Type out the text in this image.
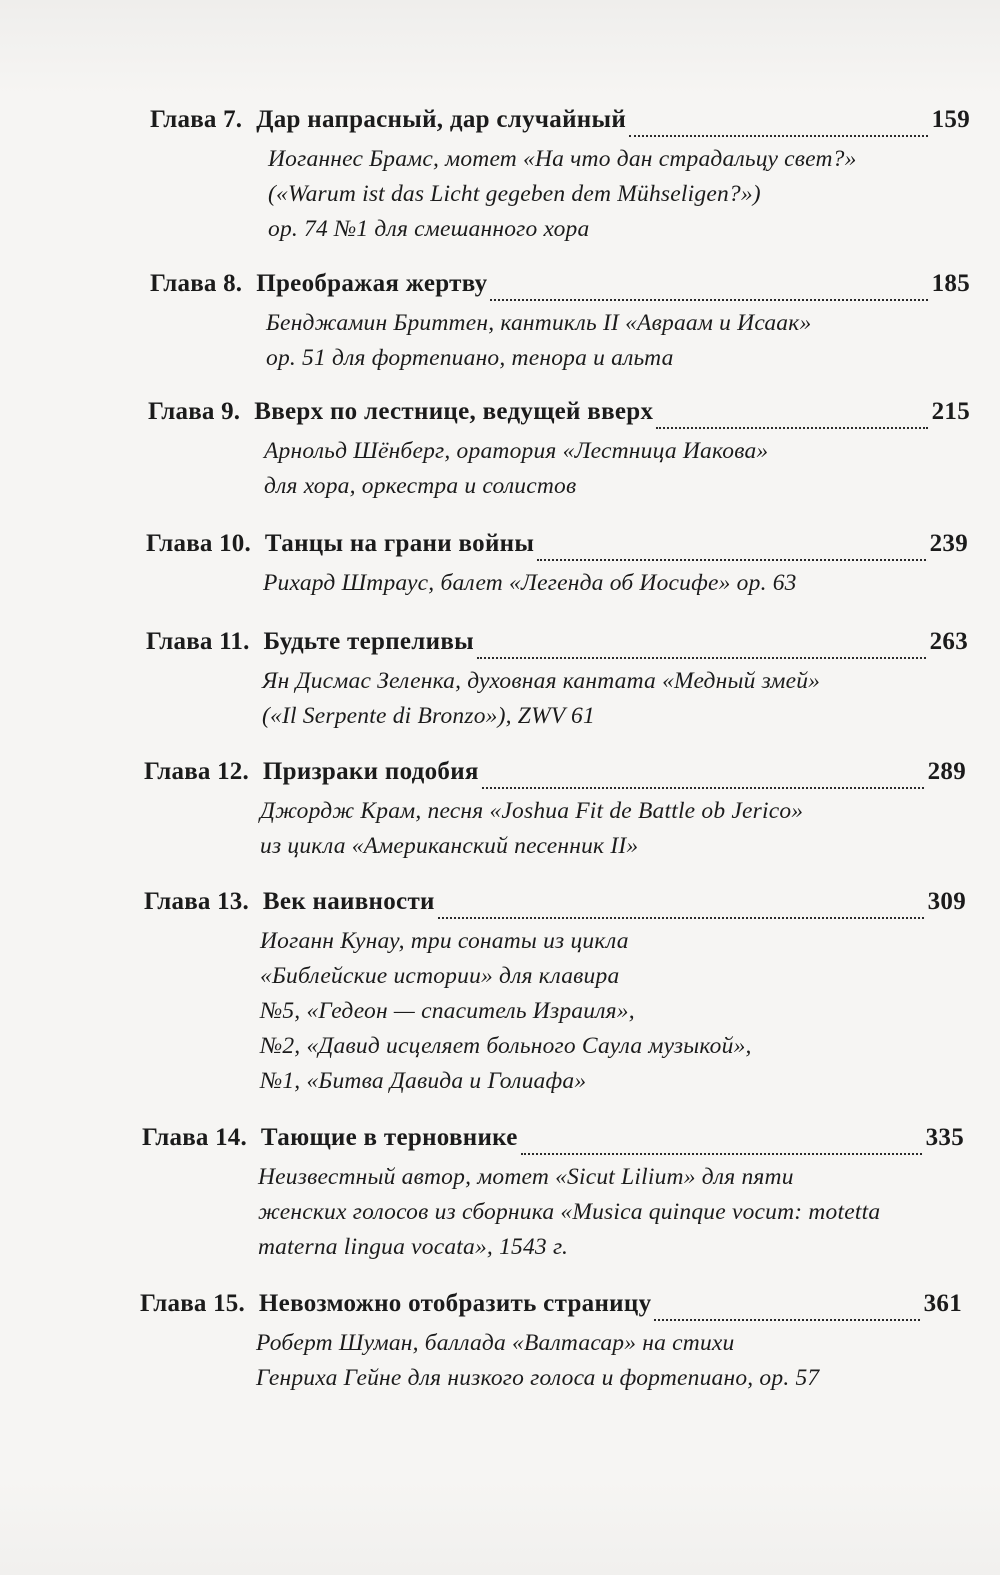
Глава 7. Дар напрасный, дар случайный	159
Иоганнес Брамс, мотет «На что дан страдальцу свет?»
(«Warum ist das Licht gegeben dem Mühseligen?»)
op. 74 №1 для смешанного хора
Глава 8. Преображая жертву	185
Бенджамин Бриттен, кантикль II «Авраам и Исаак»
op. 51 для фортепиано, тенора и альта
Глава 9. Вверх по лестнице, ведущей вверх	215
Арнольд Шёнберг, оратория «Лестница Иакова»
для хора, оркестра и солистов
Глава 10. Танцы на грани войны	239
Рихард Штраус, балет «Легенда об Иосифе» op. 63
Глава 11. Будьте терпеливы	263
Ян Дисмас Зеленка, духовная кантата «Медный змей»
(«Il Serpente di Bronzo»), ZWV 61
Глава 12. Призраки подобия	289
Джордж Крам, песня «Joshua Fit de Battle ob Jerico»
из цикла «Американский песенник II»
Глава 13. Век наивности	309
Иоганн Кунау, три сонаты из цикла
«Библейские истории» для клавира
№5, «Гедеон — спаситель Израиля»,
№2, «Давид исцеляет больного Саула музыкой»,
№1, «Битва Давида и Голиафа»
Глава 14. Тающие в терновнике	335
Неизвестный автор, мотет «Sicut Lilium» для пяти
женских голосов из сборника «Musica quinque vocum: motetta
materna lingua vocata», 1543 г.
Глава 15. Невозможно отобразить страницу	361
Роберт Шуман, баллада «Валтасар» на стихи
Генриха Гейне для низкого голоса и фортепиано, op. 57
